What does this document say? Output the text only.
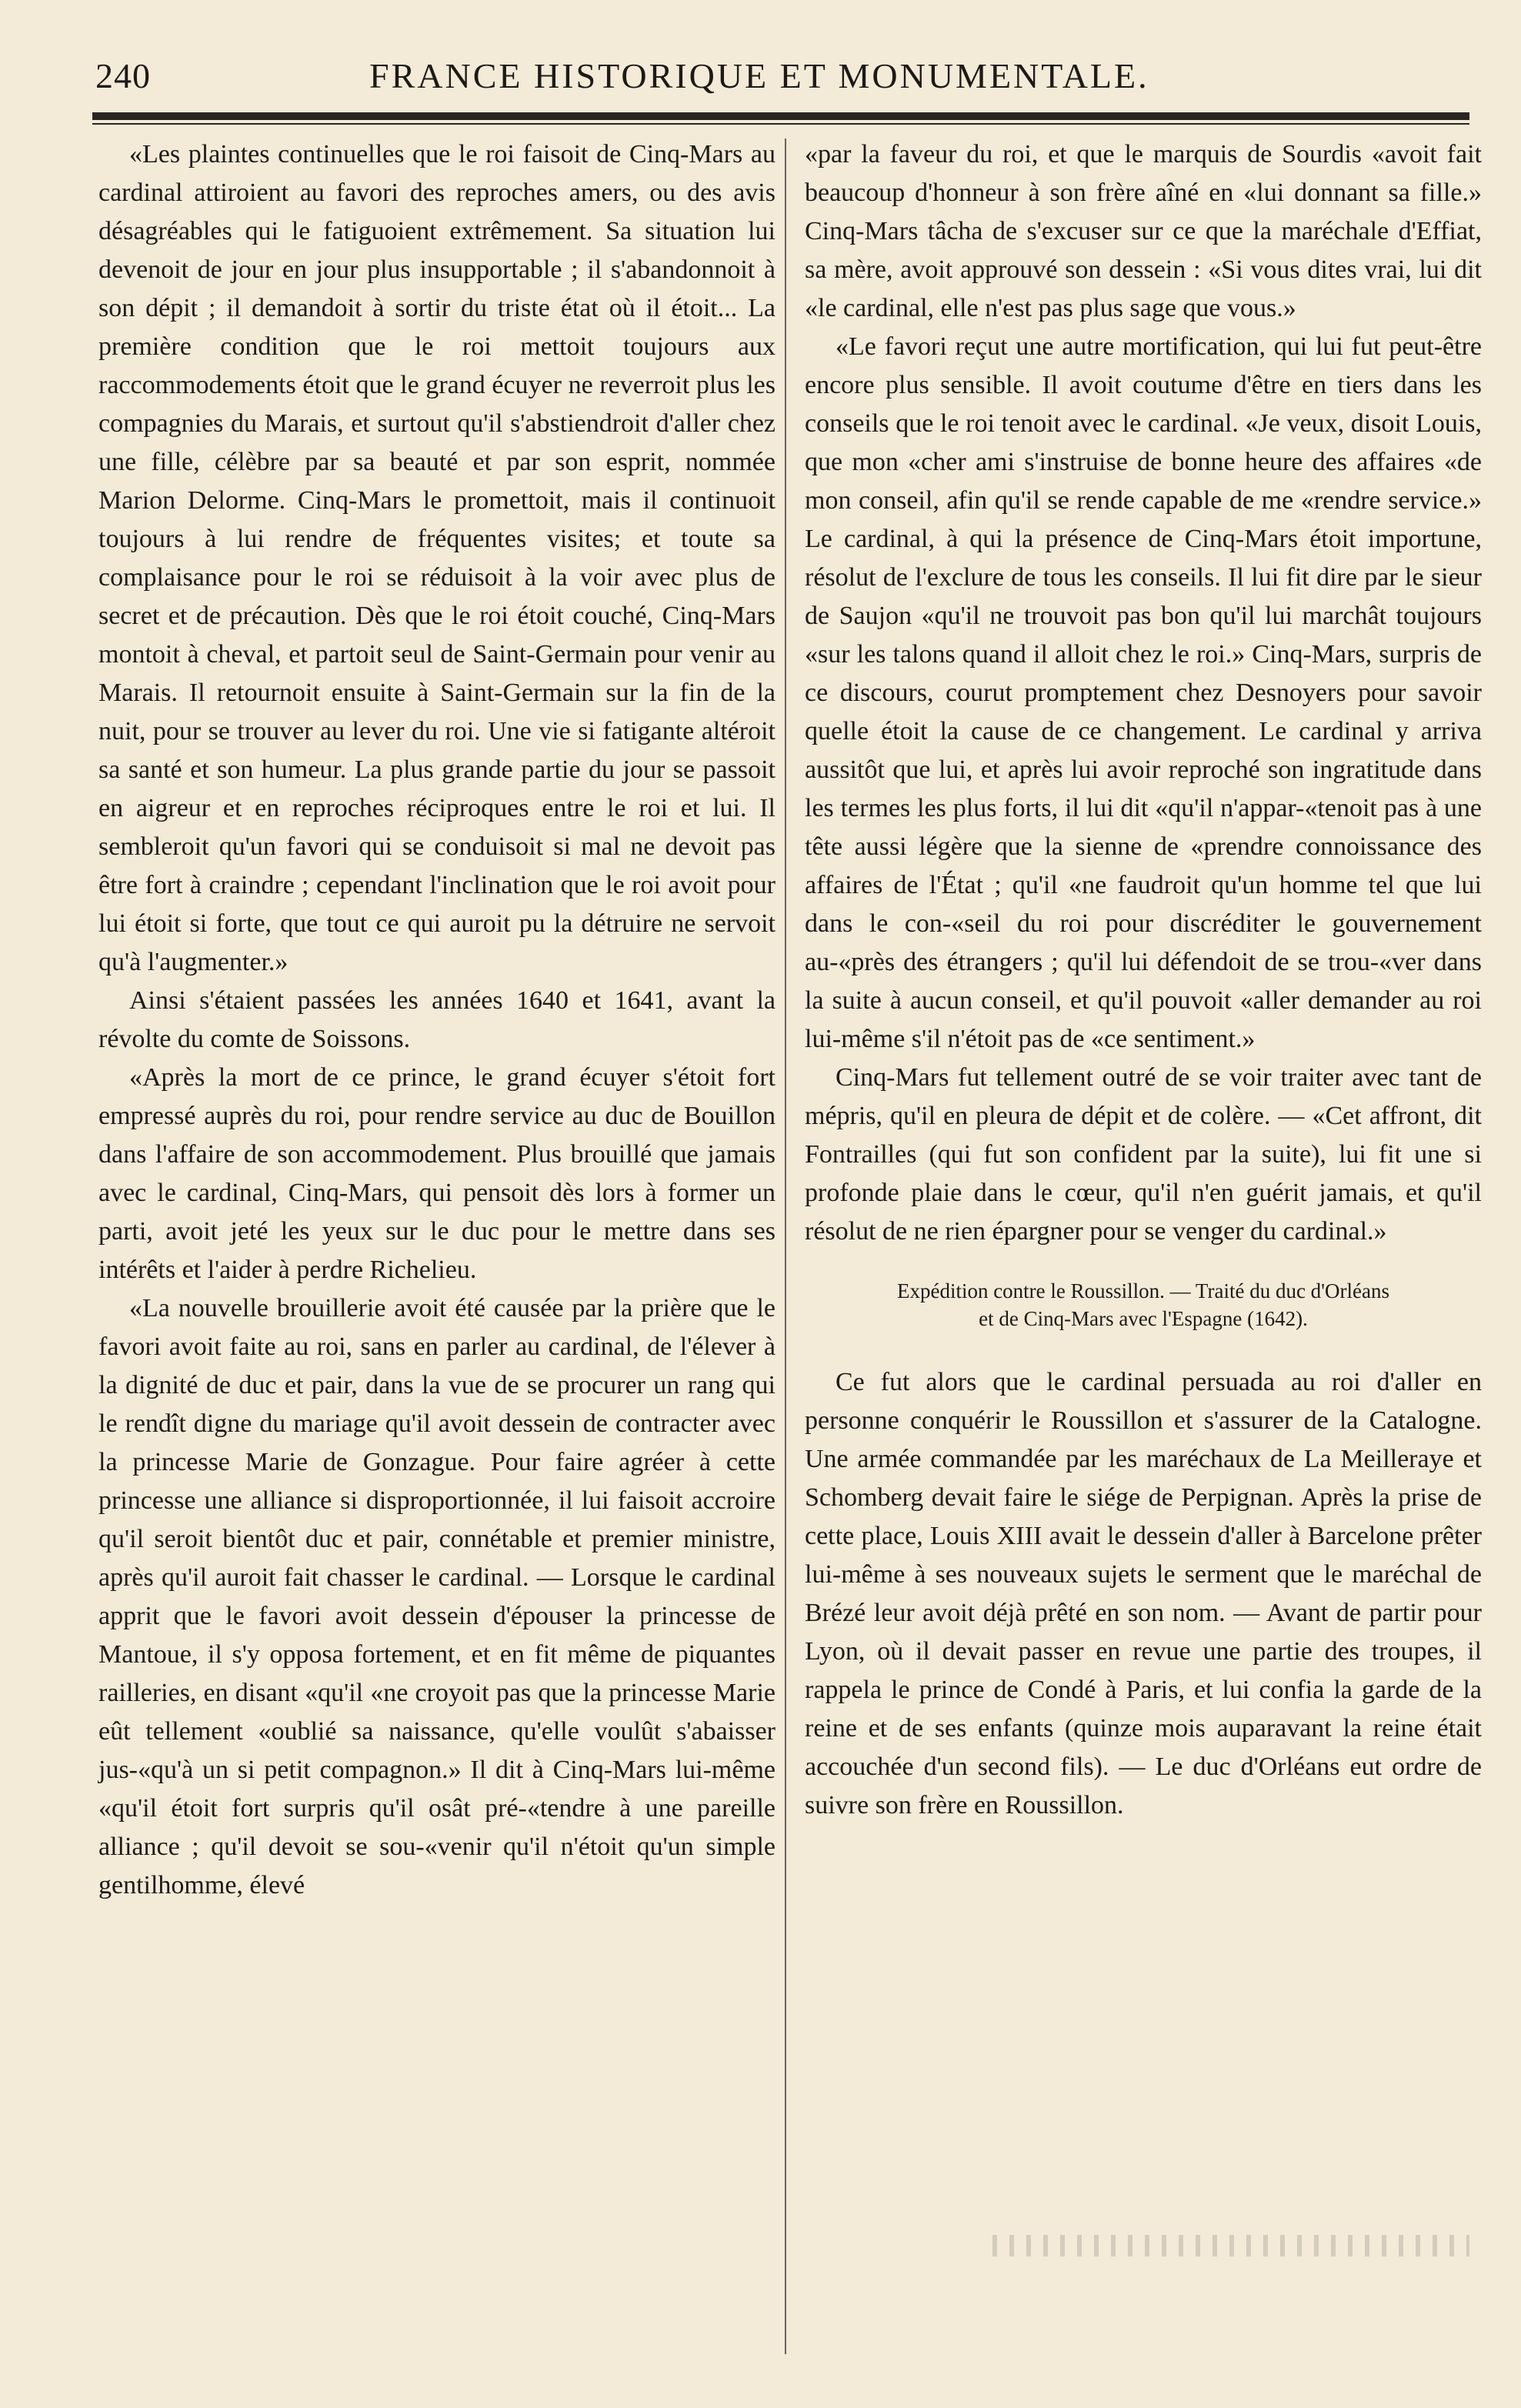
240	FRANCE HISTORIQUE ET MONUMENTALE.

«Les plaintes continuelles que le roi faisoit de Cinq-Mars au cardinal attiroient au favori des reproches amers, ou des avis désagréables qui le fatiguoient extrêmement. Sa situation lui devenoit de jour en jour plus insupportable ; il s'abandonnoit à son dépit ; il demandoit à sortir du triste état où il étoit... La première condition que le roi mettoit toujours aux raccommodements étoit que le grand écuyer ne reverroit plus les compagnies du Marais, et surtout qu'il s'abstiendroit d'aller chez une fille, célèbre par sa beauté et par son esprit, nommée Marion Delorme. Cinq-Mars le promettoit, mais il continuoit toujours à lui rendre de fréquentes visites; et toute sa complaisance pour le roi se réduisoit à la voir avec plus de secret et de précaution. Dès que le roi étoit couché, Cinq-Mars montoit à cheval, et partoit seul de Saint-Germain pour venir au Marais. Il retournoit ensuite à Saint-Germain sur la fin de la nuit, pour se trouver au lever du roi. Une vie si fatigante altéroit sa santé et son humeur. La plus grande partie du jour se passoit en aigreur et en reproches réciproques entre le roi et lui. Il sembleroit qu'un favori qui se conduisoit si mal ne devoit pas être fort à craindre ; cependant l'inclination que le roi avoit pour lui étoit si forte, que tout ce qui auroit pu la détruire ne servoit qu'à l'augmenter.»

Ainsi s'étaient passées les années 1640 et 1641, avant la révolte du comte de Soissons.

«Après la mort de ce prince, le grand écuyer s'étoit fort empressé auprès du roi, pour rendre service au duc de Bouillon dans l'affaire de son accommodement. Plus brouillé que jamais avec le cardinal, Cinq-Mars, qui pensoit dès lors à former un parti, avoit jeté les yeux sur le duc pour le mettre dans ses intérêts et l'aider à perdre Richelieu.

«La nouvelle brouillerie avoit été causée par la prière que le favori avoit faite au roi, sans en parler au cardinal, de l'élever à la dignité de duc et pair, dans la vue de se procurer un rang qui le rendît digne du mariage qu'il avoit dessein de contracter avec la princesse Marie de Gonzague. Pour faire agréer à cette princesse une alliance si disproportionnée, il lui faisoit accroire qu'il seroit bientôt duc et pair, connétable et premier ministre, après qu'il auroit fait chasser le cardinal. — Lorsque le cardinal apprit que le favori avoit dessein d'épouser la princesse de Mantoue, il s'y opposa fortement, et en fit même de piquantes railleries, en disant «qu'il «ne croyoit pas que la princesse Marie eût tellement «oublié sa naissance, qu'elle voulût s'abaisser jus-«qu'à un si petit compagnon.» Il dit à Cinq-Mars lui-même «qu'il étoit fort surpris qu'il osât pré-«tendre à une pareille alliance ; qu'il devoit se sou-«venir qu'il n'étoit qu'un simple gentilhomme, élevé

«par la faveur du roi, et que le marquis de Sourdis «avoit fait beaucoup d'honneur à son frère aîné en «lui donnant sa fille.» Cinq-Mars tâcha de s'excuser sur ce que la maréchale d'Effiat, sa mère, avoit approuvé son dessein : «Si vous dites vrai, lui dit «le cardinal, elle n'est pas plus sage que vous.»

«Le favori reçut une autre mortification, qui lui fut peut-être encore plus sensible. Il avoit coutume d'être en tiers dans les conseils que le roi tenoit avec le cardinal. «Je veux, disoit Louis, que mon «cher ami s'instruise de bonne heure des affaires «de mon conseil, afin qu'il se rende capable de me «rendre service.» Le cardinal, à qui la présence de Cinq-Mars étoit importune, résolut de l'exclure de tous les conseils. Il lui fit dire par le sieur de Saujon «qu'il ne trouvoit pas bon qu'il lui marchât toujours «sur les talons quand il alloit chez le roi.» Cinq-Mars, surpris de ce discours, courut promptement chez Desnoyers pour savoir quelle étoit la cause de ce changement. Le cardinal y arriva aussitôt que lui, et après lui avoir reproché son ingratitude dans les termes les plus forts, il lui dit «qu'il n'appar-«tenoit pas à une tête aussi légère que la sienne de «prendre connoissance des affaires de l'État ; qu'il «ne faudroit qu'un homme tel que lui dans le con-«seil du roi pour discréditer le gouvernement au-«près des étrangers ; qu'il lui défendoit de se trou-«ver dans la suite à aucun conseil, et qu'il pouvoit «aller demander au roi lui-même s'il n'étoit pas de «ce sentiment.»

Cinq-Mars fut tellement outré de se voir traiter avec tant de mépris, qu'il en pleura de dépit et de colère. — «Cet affront, dit Fontrailles (qui fut son confident par la suite), lui fit une si profonde plaie dans le cœur, qu'il n'en guérit jamais, et qu'il résolut de ne rien épargner pour se venger du cardinal.»

Expédition contre le Roussillon. — Traité du duc d'Orléans
et de Cinq-Mars avec l'Espagne (1642).

Ce fut alors que le cardinal persuada au roi d'aller en personne conquérir le Roussillon et s'assurer de la Catalogne. Une armée commandée par les maréchaux de La Meilleraye et Schomberg devait faire le siége de Perpignan. Après la prise de cette place, Louis XIII avait le dessein d'aller à Barcelone prêter lui-même à ses nouveaux sujets le serment que le maréchal de Brézé leur avoit déjà prêté en son nom. — Avant de partir pour Lyon, où il devait passer en revue une partie des troupes, il rappela le prince de Condé à Paris, et lui confia la garde de la reine et de ses enfants (quinze mois auparavant la reine était accouchée d'un second fils). — Le duc d'Orléans eut ordre de suivre son frère en Roussillon.
